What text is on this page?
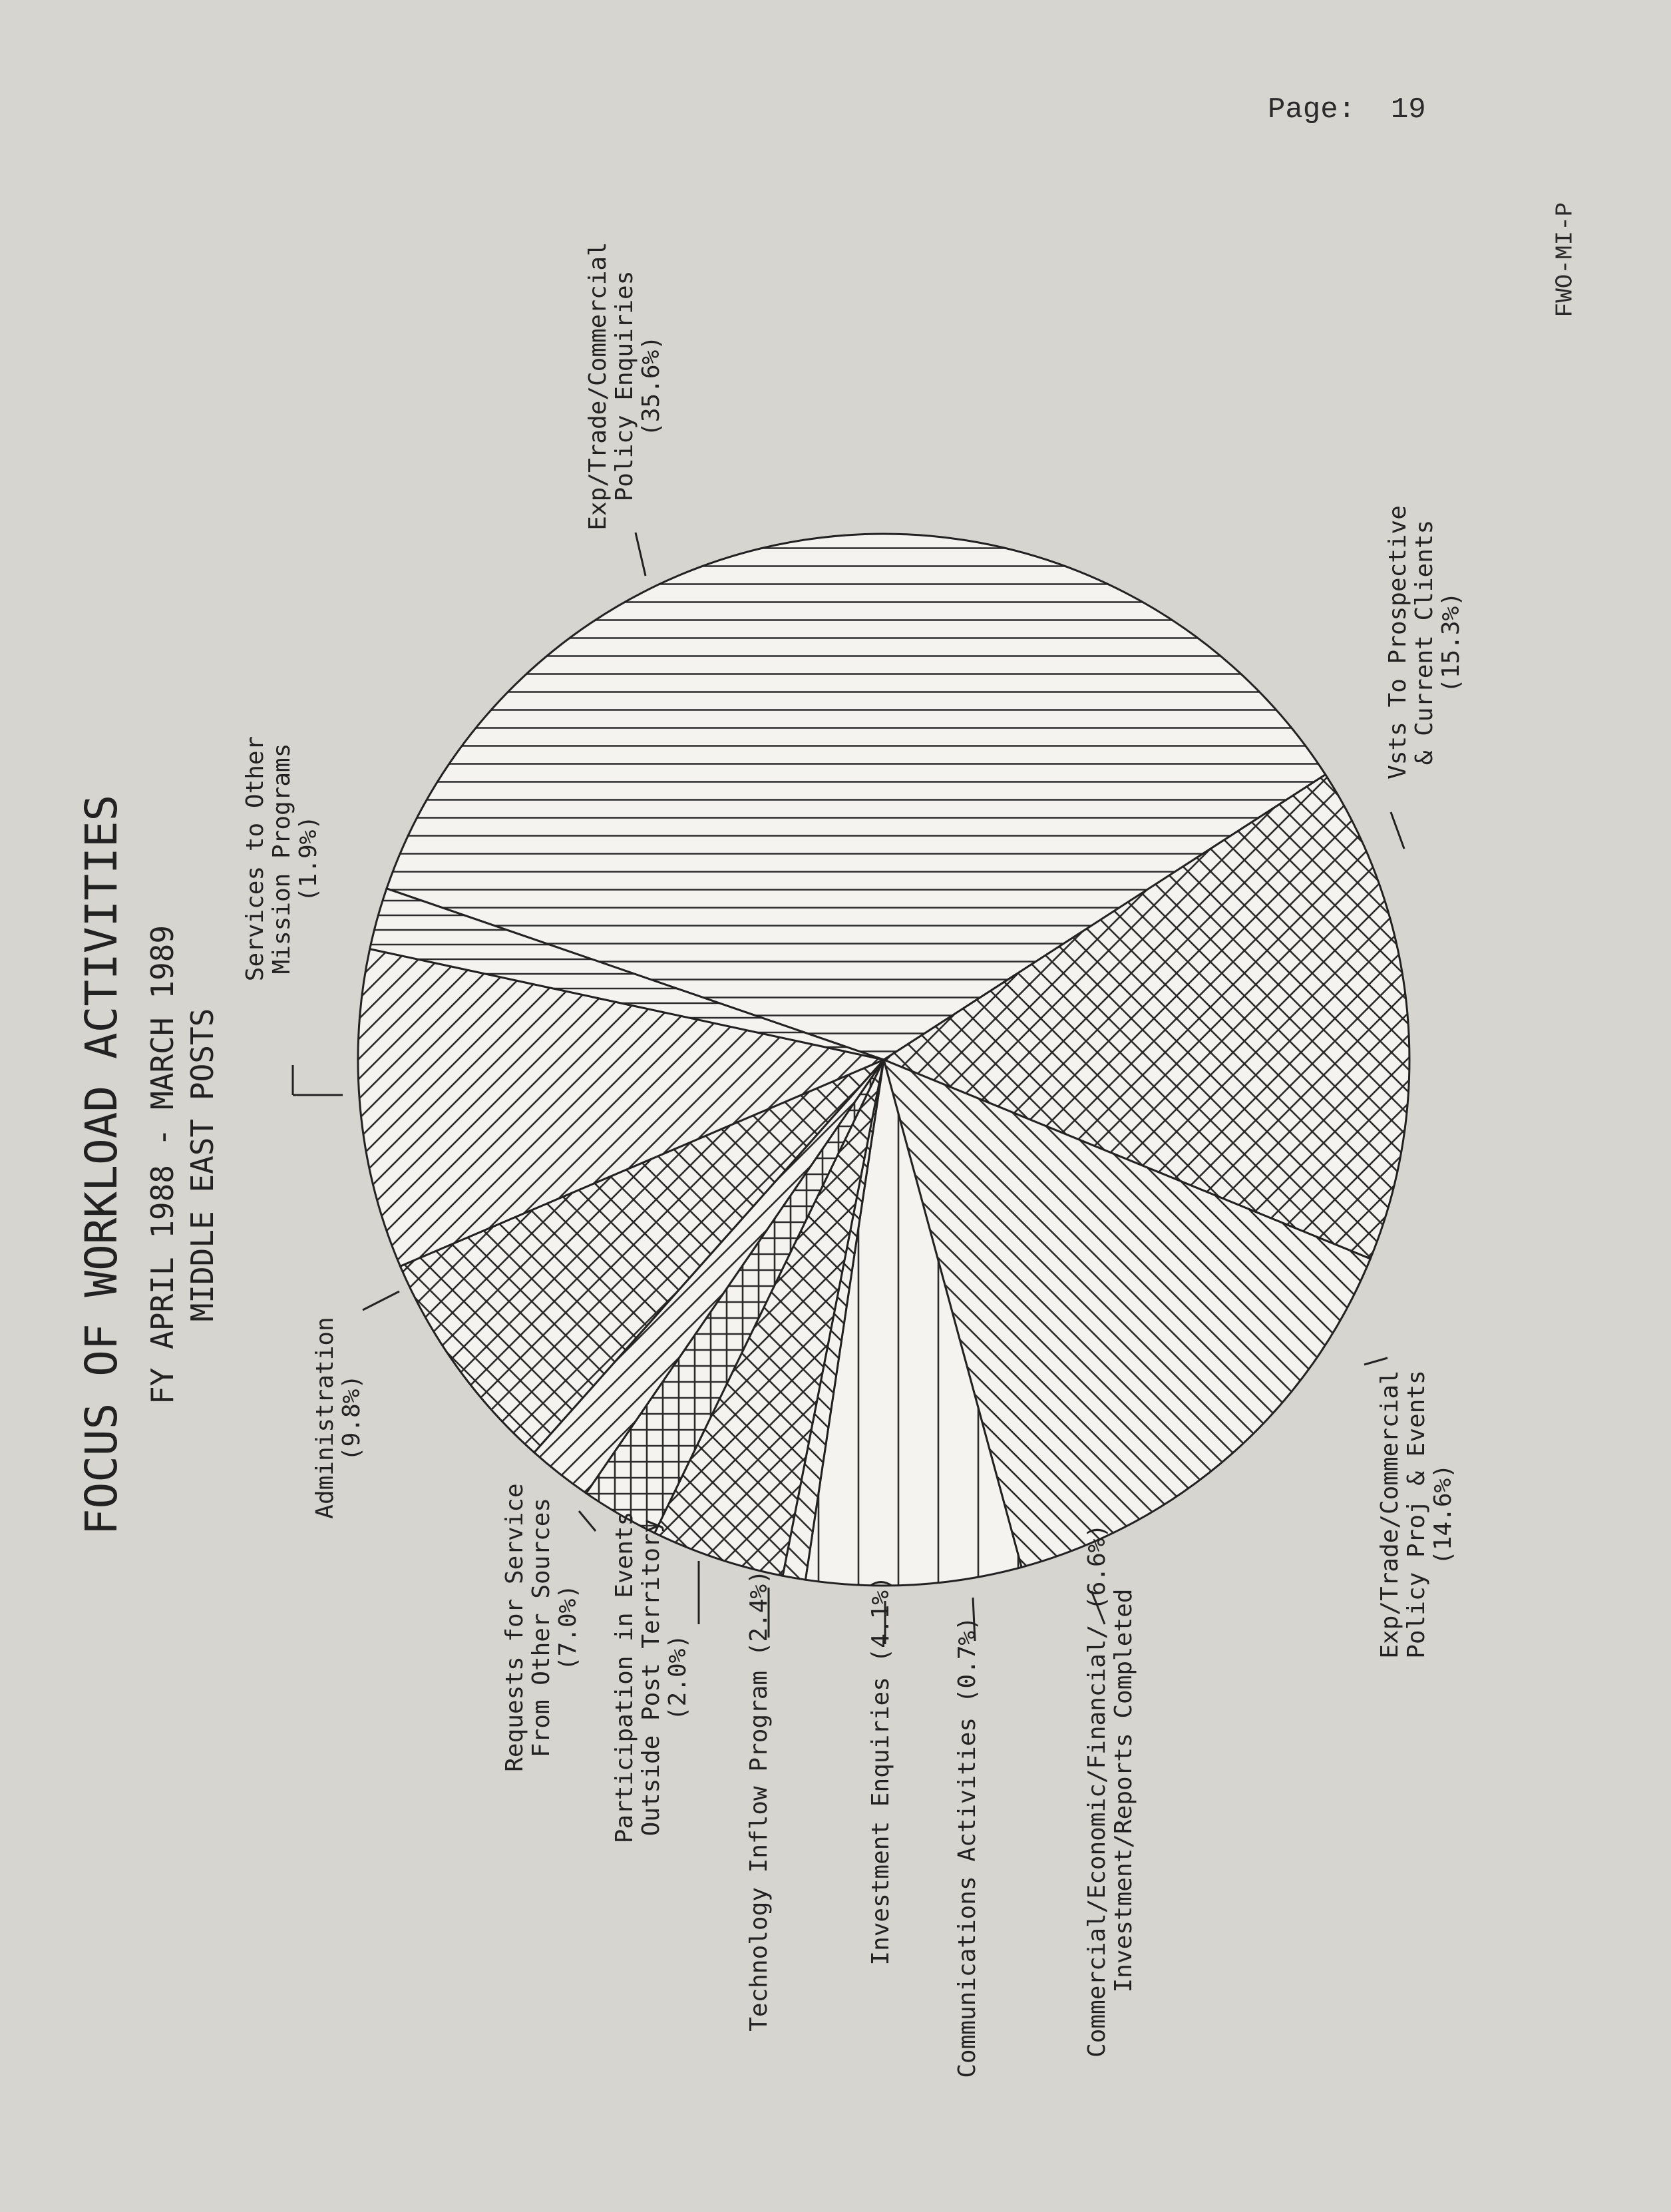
Page:  19
FWO-MI-P
FOCUS OF WORKLOAD ACTIVITIES FY APRIL 1988 - MARCH 1989 MIDDLE EAST POSTS
Exp/Trade/Commercial Policy Enquiries (35.6%)
Vsts To Prospective & Current Clients (15.3%)
Exp/Trade/Commercial Policy Proj & Events (14.6%)
Commercial/Economic/Financial/ (6.6%) Investment/Reports Completed
Communications Activities (0.7%)
Investment Enquiries (4.1%)
Technology Inflow Program (2.4%)
Participation in Events Outside Post Territory (2.0%)
Requests for Service From Other Sources (7.0%)
Administration (9.8%)
Services to Other Mission Programs (1.9%)
